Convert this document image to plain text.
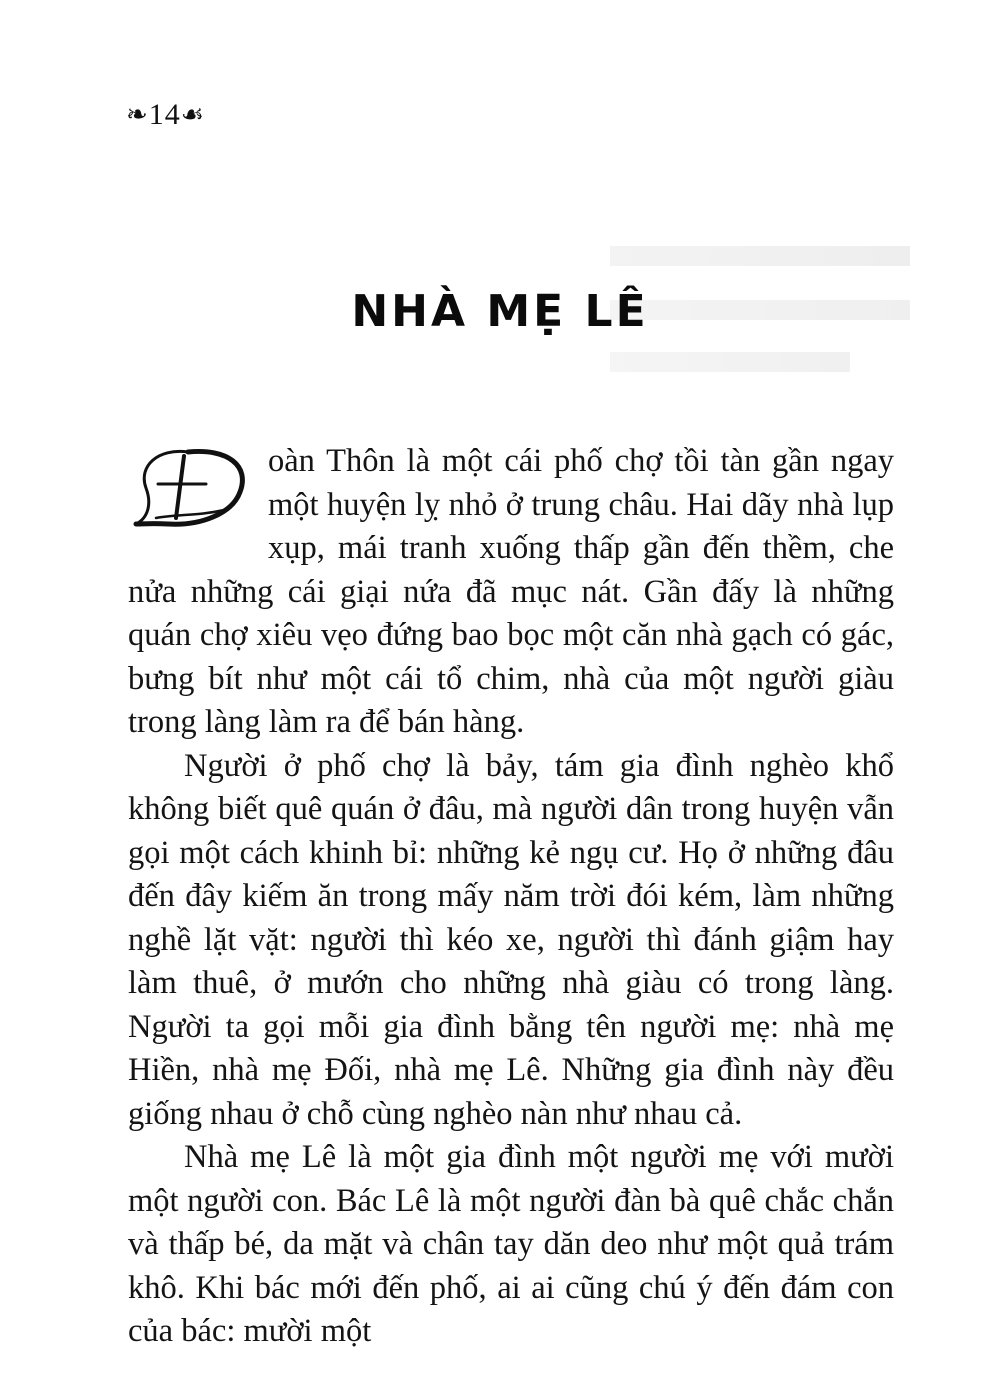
❧ 14 ☙
NHÀ MẸ LÊ

oàn Thôn là một cái phố chợ tồi tàn gần ngay một huyện lỵ nhỏ ở trung châu. Hai dãy nhà lụp xụp, mái tranh xuống thấp gần đến thềm, che nửa những cái giại nứa đã mục nát. Gần đấy là những quán chợ xiêu vẹo đứng bao bọc một căn nhà gạch có gác, bưng bít như một cái tổ chim, nhà của một người giàu trong làng làm ra để bán hàng.

Người ở phố chợ là bảy, tám gia đình nghèo khổ không biết quê quán ở đâu, mà người dân trong huyện vẫn gọi một cách khinh bỉ: những kẻ ngụ cư. Họ ở những đâu đến đây kiếm ăn trong mấy năm trời đói kém, làm những nghề lặt vặt: người thì kéo xe, người thì đánh giậm hay làm thuê, ở mướn cho những nhà giàu có trong làng. Người ta gọi mỗi gia đình bằng tên người mẹ: nhà mẹ Hiền, nhà mẹ Đối, nhà mẹ Lê. Những gia đình này đều giống nhau ở chỗ cùng nghèo nàn như nhau cả.

Nhà mẹ Lê là một gia đình một người mẹ với mười một người con. Bác Lê là một người đàn bà quê chắc chắn và thấp bé, da mặt và chân tay dăn deo như một quả trám khô. Khi bác mới đến phố, ai ai cũng chú ý đến đám con của bác: mười một
